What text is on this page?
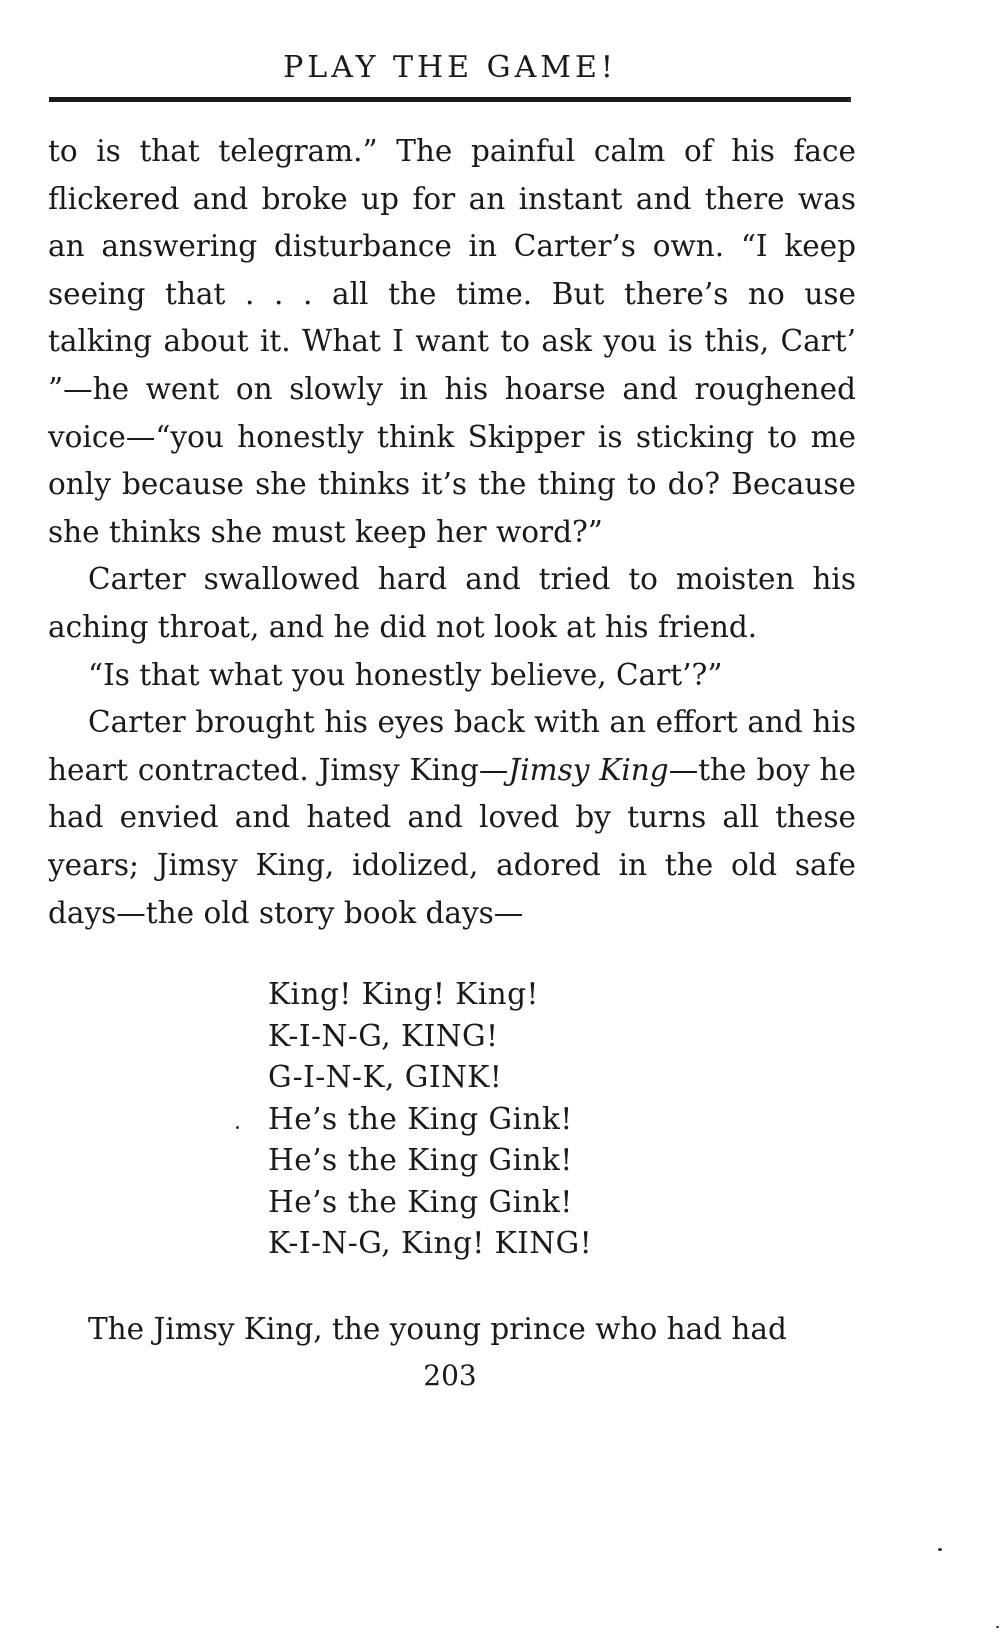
PLAY THE GAME!

to is that telegram.” The painful calm of his face flickered and broke up for an instant and there was an answering disturbance in Carter’s own. “I keep seeing that . . . all the time. But there’s no use talking about it. What I want to ask you is this, Cart’ ”—he went on slowly in his hoarse and roughened voice—“you honestly think Skipper is sticking to me only because she thinks it’s the thing to do? Because she thinks she must keep her word?”

Carter swallowed hard and tried to moisten his aching throat, and he did not look at his friend.

“Is that what you honestly believe, Cart’?”

Carter brought his eyes back with an effort and his heart contracted. Jimsy King—Jimsy King—the boy he had envied and hated and loved by turns all these years; Jimsy King, idolized, adored in the old safe days—the old story book days—

King! King! King!
K-I-N-G, KING!
G-I-N-K, GINK!
He’s the King Gink!
He’s the King Gink!
He’s the King Gink!
K-I-N-G, King! KING!
The Jimsy King, the young prince who had had
203
